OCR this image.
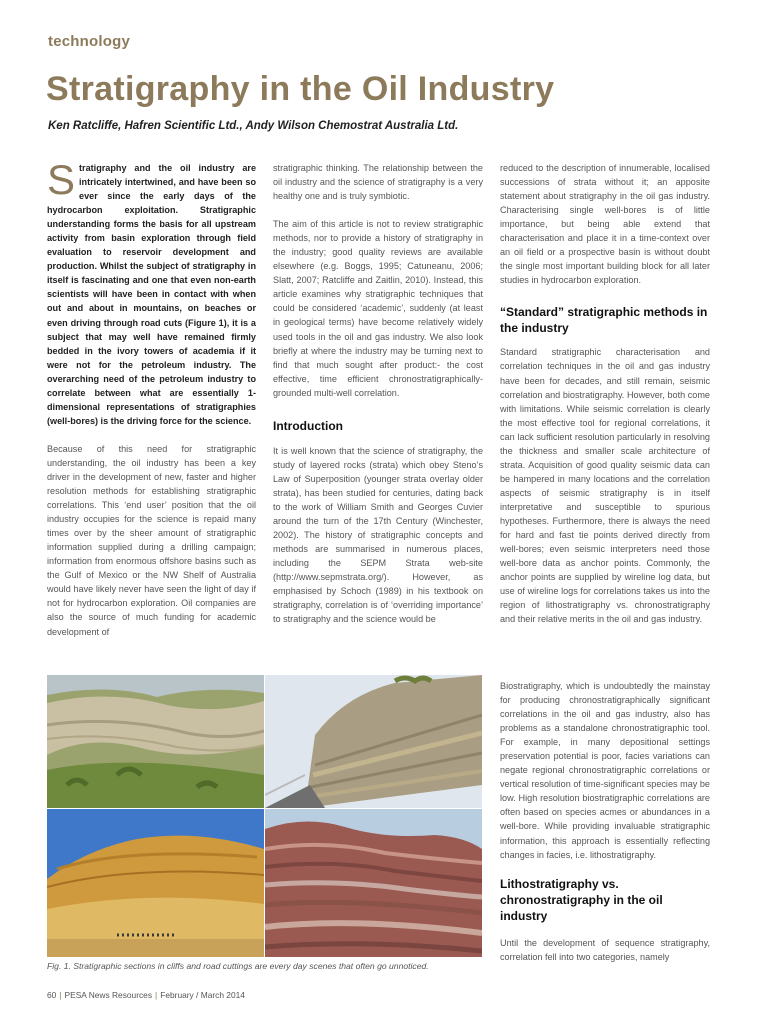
technology
Stratigraphy in the Oil Industry
Ken Ratcliffe, Hafren Scientific Ltd., Andy Wilson Chemostrat Australia Ltd.

Stratigraphy and the oil industry are intricately intertwined, and have been so ever since the early days of the hydrocarbon exploitation. Stratigraphic understanding forms the basis for all upstream activity from basin exploration through field evaluation to reservoir development and production. Whilst the subject of stratigraphy in itself is fascinating and one that even non-earth scientists will have been in contact with when out and about in mountains, on beaches or even driving through road cuts (Figure 1), it is a subject that may well have remained firmly bedded in the ivory towers of academia if it were not for the petroleum industry. The overarching need of the petroleum industry to correlate between what are essentially 1-dimensional representations of stratigraphies (well-bores) is the driving force for the science.

Because of this need for stratigraphic understanding, the oil industry has been a key driver in the development of new, faster and higher resolution methods for establishing stratigraphic correlations. This ‘end user’ position that the oil industry occupies for the science is repaid many times over by the sheer amount of stratigraphic information supplied during a drilling campaign; information from enormous offshore basins such as the Gulf of Mexico or the NW Shelf of Australia would have likely never have seen the light of day if not for hydrocarbon exploration. Oil companies are also the source of much funding for academic development of

stratigraphic thinking. The relationship between the oil industry and the science of stratigraphy is a very healthy one and is truly symbiotic.

The aim of this article is not to review stratigraphic methods, nor to provide a history of stratigraphy in the industry; good quality reviews are available elsewhere (e.g. Boggs, 1995; Catuneanu, 2006; Slatt, 2007; Ratcliffe and Zaitlin, 2010). Instead, this article examines why stratigraphic techniques that could be considered ‘academic’, suddenly (at least in geological terms) have become relatively widely used tools in the oil and gas industry. We also look briefly at where the industry may be turning next to find that much sought after product:- the cost effective, time efficient chronostratigraphically-grounded multi-well correlation.

Introduction

It is well known that the science of stratigraphy, the study of layered rocks (strata) which obey Steno’s Law of Superposition (younger strata overlay older strata), has been studied for centuries, dating back to the work of William Smith and Georges Cuvier around the turn of the 17th Century (Winchester, 2002). The history of stratigraphic concepts and methods are summarised in numerous places, including the SEPM Strata web-site (http://www.sepmstrata.org/). However, as emphasised by Schoch (1989) in his textbook on stratigraphy, correlation is of ‘overriding importance’ to stratigraphy and the science would be

reduced to the description of innumerable, localised successions of strata without it; an apposite statement about stratigraphy in the oil gas industry. Characterising single well-bores is of little importance, but being able extend that characterisation and place it in a time-context over an oil field or a prospective basin is without doubt the single most important building block for all later studies in hydrocarbon exploration.

“Standard” stratigraphic methods in the industry

Standard stratigraphic characterisation and correlation techniques in the oil and gas industry have been for decades, and still remain, seismic correlation and biostratigraphy. However, both come with limitations. While seismic correlation is clearly the most effective tool for regional correlations, it can lack sufficient resolution particularly in resolving the thickness and smaller scale architecture of strata. Acquisition of good quality seismic data can be hampered in many locations and the correlation aspects of seismic stratigraphy is in itself interpretative and susceptible to spurious hypotheses. Furthermore, there is always the need for hard and fast tie points derived directly from well-bores; even seismic interpreters need those well-bore data as anchor points. Commonly, the anchor points are supplied by wireline log data, but use of wireline logs for correlations takes us into the region of lithostratigraphy vs. chronostratigraphy and their relative merits in the oil and gas industry.

Biostratigraphy, which is undoubtedly the mainstay for producing chronostratigraphically significant correlations in the oil and gas industry, also has problems as a standalone chronostratigraphic tool. For example, in many depositional settings preservation potential is poor, facies variations can negate regional chronostratigraphic correlations or vertical resolution of time-significant species may be low. High resolution biostratigraphic correlations are often based on species acmes or abundances in a well-bore. While providing invaluable stratigraphic information, this approach is essentially reflecting changes in facies, i.e. lithostratigraphy.

Lithostratigraphy vs. chronostratigraphy in the oil industry

Until the development of sequence stratigraphy, correlation fell into two categories, namely

Fig. 1. Stratigraphic sections in cliffs and road cuttings are every day scenes that often go unnoticed.
60 | PESA News Resources | February / March 2014
